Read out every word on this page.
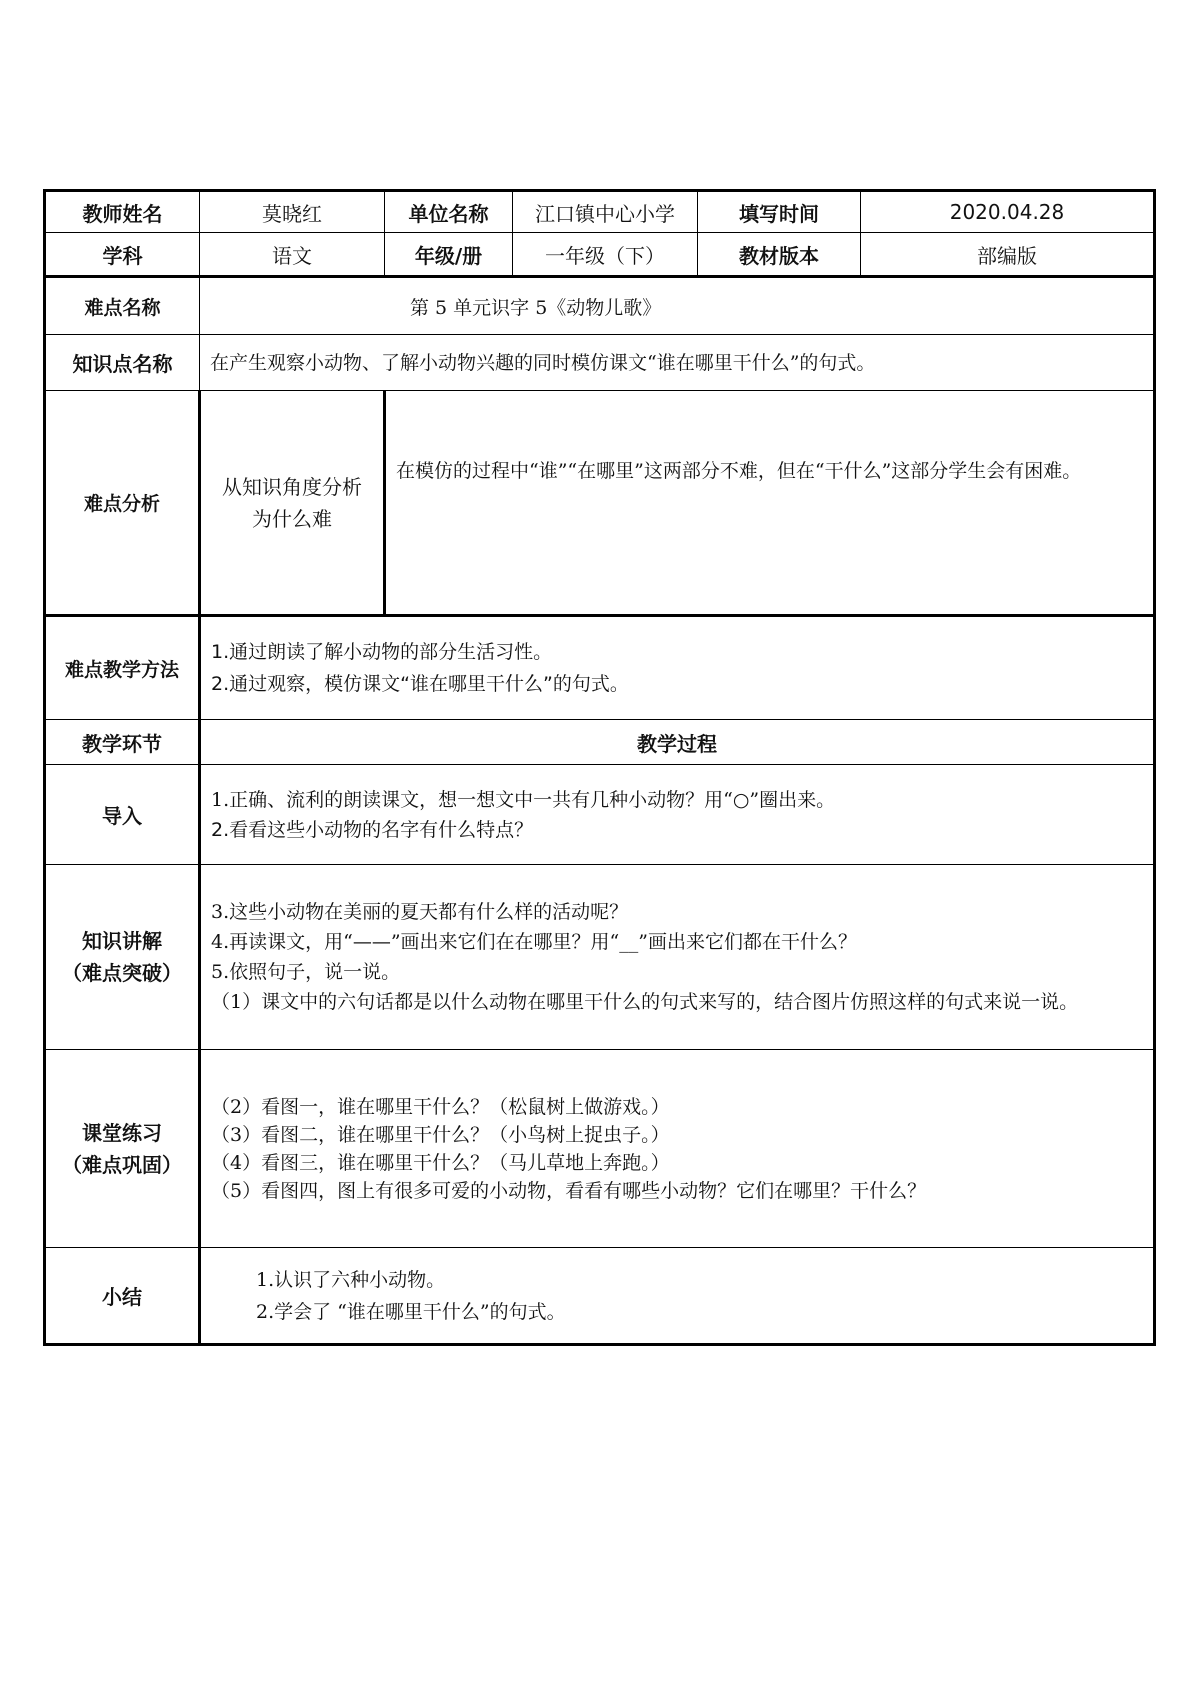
教师姓名	莫晓红	单位名称	江口镇中心小学	填写时间	2020.04.28
学科	语文	年级/册	一年级（下）	教材版本	部编版
难点名称	第 5 单元识字 5《动物儿歌》				
知识点名称	在产生观察小动物、了解小动物兴趣的同时模仿课文“谁在哪里干什么”的句式。				
难点分析	从知识角度分析为什么难	在模仿的过程中“谁”“在哪里”这两部分不难，但在“干什么”这部分学生会有困难。			
难点教学方法	1.通过朗读了解小动物的部分生活习性。
2.通过观察，模仿课文“谁在哪里干什么”的句式。				

教学环节	教学过程				
导入	1.正确、流利的朗读课文，想一想文中一共有几种小动物？用“○”圈出来。
2.看看这些小动物的名字有什么特点？				

知识讲解
（难点突破）	3.这些小动物在美丽的夏天都有什么样的活动呢？
4.再读课文，用“——”画出来它们在在哪里？用“__”画出来它们都在干什么？
5.依照句子，说一说。
（1）课文中的六句话都是以什么动物在哪里干什么的句式来写的，结合图片仿照这样的句式来说一说。				

课堂练习
（难点巩固）	（2）看图一，谁在哪里干什么？（松鼠树上做游戏。）
（3）看图二，谁在哪里干什么？（小鸟树上捉虫子。）
（4）看图三，谁在哪里干什么？（马儿草地上奔跑。）
（5）看图四，图上有很多可爱的小动物，看看有哪些小动物？它们在哪里？干什么？				

小结	1.认识了六种小动物。
2.学会了 “谁在哪里干什么”的句式。				
